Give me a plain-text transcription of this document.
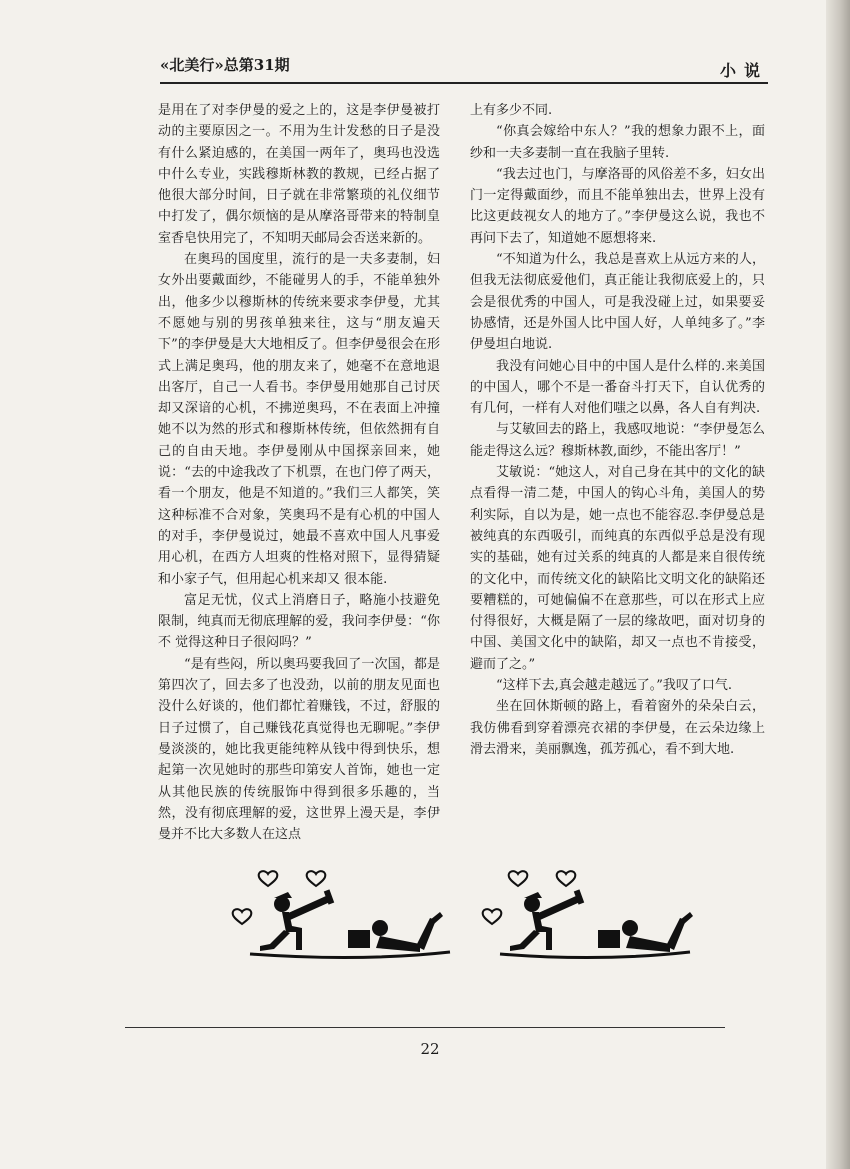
«北美行»总第31期	小说

是用在了对李伊曼的爱之上的，这是李伊曼被打动的主要原因之一。不用为生计发愁的日子是没有什么紧迫感的，在美国一两年了，奥玛也没选中什么专业，实践穆斯林教的教规，已经占据了他很大部分时间，日子就在非常繁琐的礼仪细节中打发了，偶尔烦恼的是从摩洛哥带来的特制皇室香皂快用完了，不知明天邮局会否送来新的。

在奥玛的国度里，流行的是一夫多妻制，妇女外出要戴面纱，不能碰男人的手，不能单独外出，他多少以穆斯林的传统来要求李伊曼，尤其不愿她与别的男孩单独来往，这与“朋友遍天下”的李伊曼是大大地相反了。但李伊曼很会在形式上满足奥玛，他的朋友来了，她毫不在意地退出客厅，自己一人看书。李伊曼用她那自己讨厌却又深谙的心机，不拂逆奥玛，不在表面上冲撞她不以为然的形式和穆斯林传统，但依然拥有自己的自由天地。李伊曼刚从中国探亲回来，她说：“去的中途我改了下机票，在也门停了两天，看一个朋友，他是不知道的。”我们三人都笑，笑这种标准不合对象，笑奥玛不是有心机的中国人的对手，李伊曼说过，她最不喜欢中国人凡事爱用心机，在西方人坦爽的性格对照下，显得猜疑和小家子气，但用起心机来却又 很本能.

富足无忧，仪式上消磨日子，略施小技避免限制，纯真而无彻底理解的爱，我问李伊曼：“你不 觉得这种日子很闷吗？”

“是有些闷，所以奥玛要我回了一次国，都是第四次了，回去多了也没劲，以前的朋友见面也没什么好谈的，他们都忙着赚钱，不过，舒服的日子过惯了，自己赚钱花真觉得也无聊呢。”李伊曼淡淡的，她比我更能纯粹从钱中得到快乐，想起第一次见她时的那些印第安人首饰，她也一定从其他民族的传统服饰中得到很多乐趣的，当然，没有彻底理解的爱，这世界上漫天是，李伊曼并不比大多数人在这点

上有多少不同.

“你真会嫁给中东人？”我的想象力跟不上，面纱和一夫多妻制一直在我脑子里转.

“我去过也门，与摩洛哥的风俗差不多，妇女出门一定得戴面纱，而且不能单独出去，世界上没有比这更歧视女人的地方了。”李伊曼这么说，我也不再问下去了，知道她不愿想将来.

“不知道为什么，我总是喜欢上从远方来的人，但我无法彻底爱他们，真正能让我彻底爱上的，只会是很优秀的中国人，可是我没碰上过，如果要妥协感情，还是外国人比中国人好，人单纯多了。”李伊曼坦白地说.

我没有问她心目中的中国人是什么样的.来美国的中国人，哪个不是一番奋斗打天下，自认优秀的有几何，一样有人对他们嗤之以鼻，各人自有判决.

与艾敏回去的路上，我感叹地说：“李伊曼怎么能走得这么远？穆斯林教,面纱，不能出客厅！”

艾敏说：“她这人，对自己身在其中的文化的缺点看得一清二楚，中国人的钩心斗角，美国人的势利实际，自以为是，她一点也不能容忍.李伊曼总是被纯真的东西吸引，而纯真的东西似乎总是没有现实的基础，她有过关系的纯真的人都是来自很传统的文化中，而传统文化的缺陷比文明文化的缺陷还要糟糕的，可她偏偏不在意那些，可以在形式上应付得很好，大概是隔了一层的缘故吧，面对切身的中国、美国文化中的缺陷，却又一点也不肯接受，避而了之。”

“这样下去,真会越走越远了。”我叹了口气.

坐在回休斯顿的路上，看着窗外的朵朵白云，我仿佛看到穿着漂亮衣裙的李伊曼，在云朵边缘上滑去滑来，美丽飘逸，孤芳孤心，看不到大地.

22
